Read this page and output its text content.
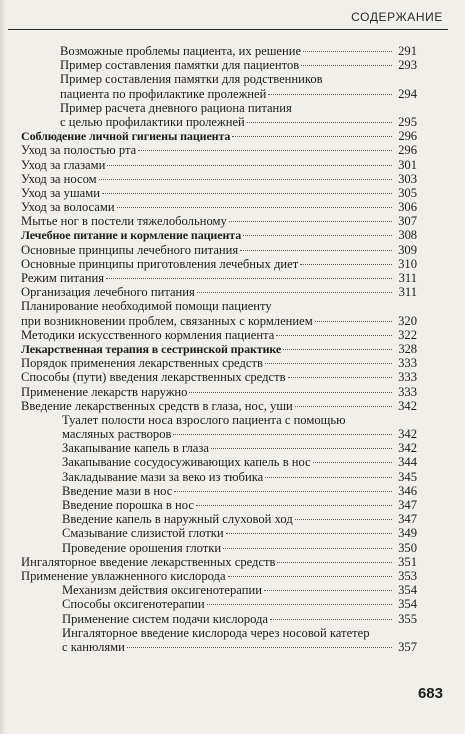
СОДЕРЖАНИЕ
Возможные проблемы пациента, их решение	291
Пример составления памятки для пациентов	293
Пример составления памятки для родственников
пациента по профилактике пролежней	294
Пример расчета дневного рациона питания
с целью профилактики пролежней	295
Соблюдение личной гигиены пациента	296
Уход за полостью рта	296
Уход за глазами	301
Уход за носом	303
Уход за ушами	305
Уход за волосами	306
Мытье ног в постели тяжелобольному	307
Лечебное питание и кормление пациента	308
Основные принципы лечебного питания	309
Основные принципы приготовления лечебных диет	310
Режим питания	311
Организация лечебного питания	311
Планирование необходимой помощи пациенту
при возникновении проблем, связанных с кормлением	320
Методики искусственного кормления пациента	322
Лекарственная терапия в сестринской практике	328
Порядок применения лекарственных средств	333
Способы (пути) введения лекарственных средств	333
Применение лекарств наружно	333
Введение лекарственных средств в глаза, нос, уши	342
Туалет полости носа взрослого пациента с помощью
масляных растворов	342
Закапывание капель в глаза	342
Закапывание сосудосуживающих капель в нос	344
Закладывание мази за веко из тюбика	345
Введение мази в нос	346
Введение порошка в нос	347
Введение капель в наружный слуховой ход	347
Смазывание слизистой глотки	349
Проведение орошения глотки	350
Ингаляторное введение лекарственных средств	351
Применение увлажненного кислорода	353
Механизм действия оксигенотерапии	354
Способы оксигенотерапии	354
Применение систем подачи кислорода	355
Ингаляторное введение кислорода через носовой катетер
с канюлями	357
683
